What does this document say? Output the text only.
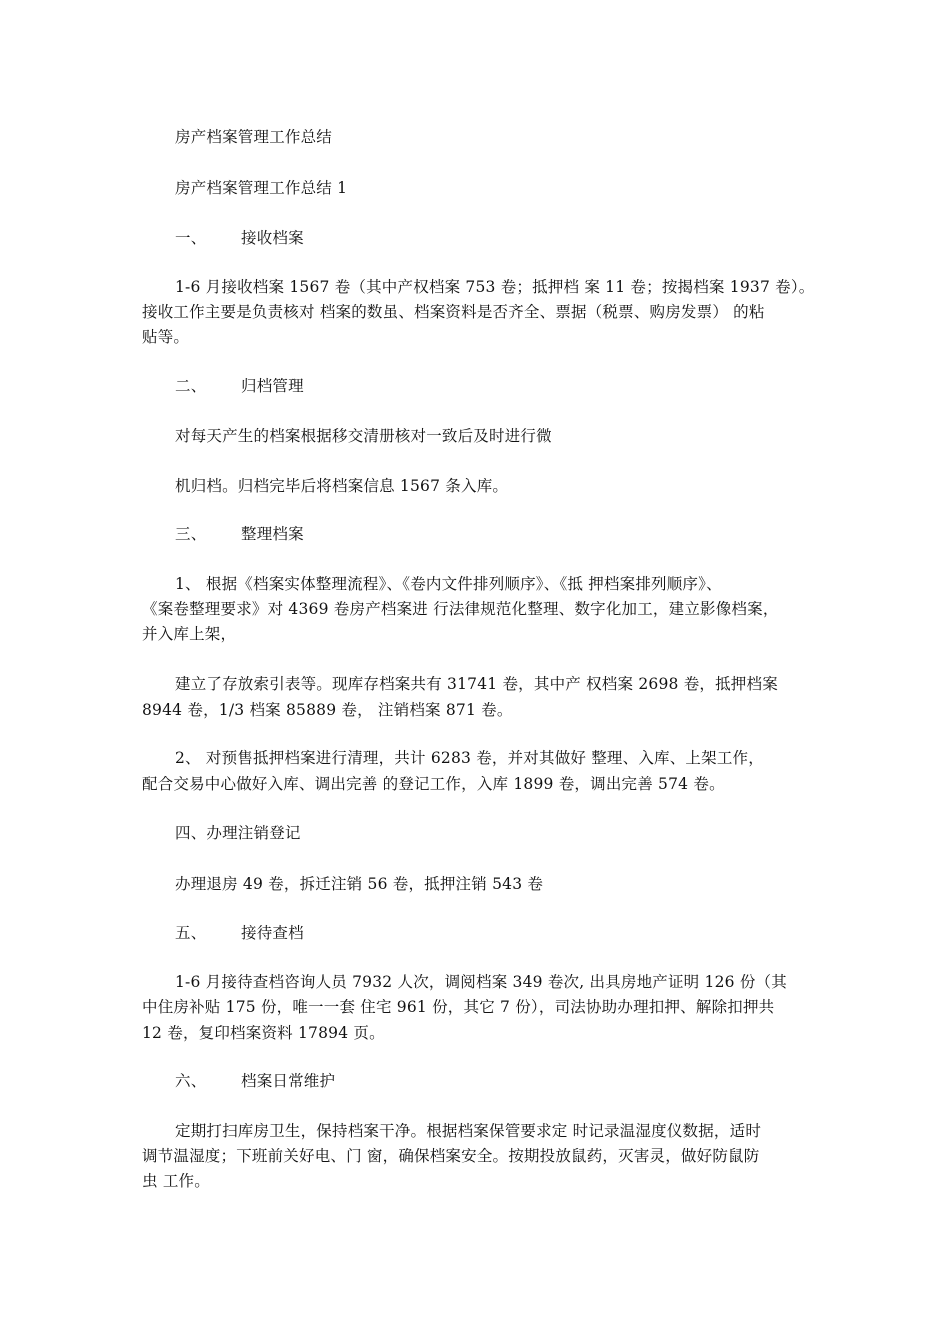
房产档案管理工作总结
房产档案管理工作总结 1
一、 接收档案
1-6 月接收档案 1567 卷（其中产权档案 753 卷；抵押档 案 11 卷；按揭档案 1937 卷）。
接收工作主要是负责核对 档案的数虽、档案资料是否齐全、票据（税票、购房发票） 的粘
贴等。
二、 归档管理
对每天产生的档案根据移交清册核对一致后及时进行微
机归档。归档完毕后将档案信息 1567 条入库。
三、 整理档案
1、 根据《档案实体整理流程》、《卷内文件排列顺序》、《抵 押档案排列顺序》、
《案卷整理要求》对 4369 卷房产档案进 行法律规范化整理、数字化加工，建立影像档案，
并入库上架，
建立了存放索引表等。现库存档案共有 31741 卷，其中产 权档案 2698 卷，抵押档案
8944 卷，1/3 档案 85889 卷， 注销档案 871 卷。
2、 对预售抵押档案进行清理，共计 6283 卷，并对其做好 整理、入库、上架工作，
配合交易中心做好入库、调出完善 的登记工作，入库 1899 卷，调出完善 574 卷。
四、办理注销登记
办理退房 49 卷，拆迁注销 56 卷，抵押注销 543 卷
五、 接待查档
1-6 月接待查档咨询人员 7932 人次，调阅档案 349 卷次, 出具房地产证明 126 份（其
中住房补贴 175 份，唯一一套 住宅 961 份，其它 7 份），司法协助办理扣押、解除扣押共
12 卷，复印档案资料 17894 页。
六、 档案日常维护
定期打扫库房卫生，保持档案干净。根据档案保管要求定 时记录温湿度仪数据，适时
调节温湿度；下班前关好电、门 窗，确保档案安全。按期投放鼠药，灭害灵，做好防鼠防
虫 工作。
